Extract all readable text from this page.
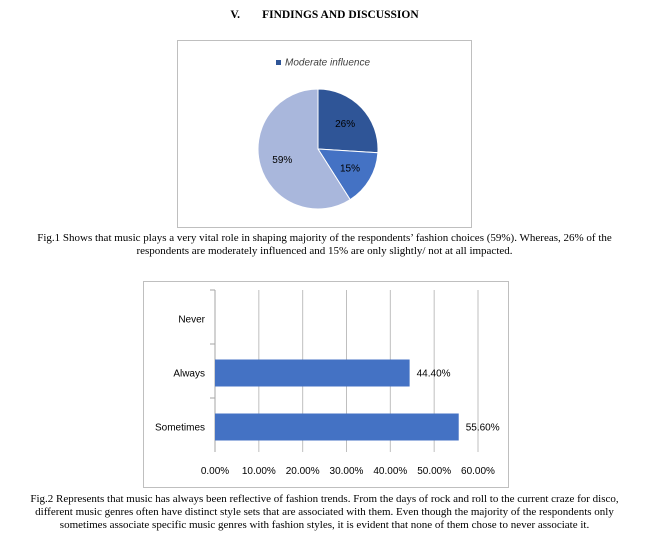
V. FINDINGS AND DISCUSSION
Moderate influence
26%
15%
59%
Fig.1 Shows that music plays a very vital role in shaping majority of the respondents’ fashion choices (59%). Whereas, 26% of the respondents are moderately influenced and 15% are only slightly/ not at all impacted.
Never
Always
Sometimes
44.40%
55.60%
0.00% 10.00% 20.00% 30.00% 40.00% 50.00% 60.00%
Fig.2 Represents that music has always been reflective of fashion trends. From the days of rock and roll to the current craze for disco, different music genres often have distinct style sets that are associated with them. Even though the majority of the respondents only sometimes associate specific music genres with fashion styles, it is evident that none of them chose to never associate it.
